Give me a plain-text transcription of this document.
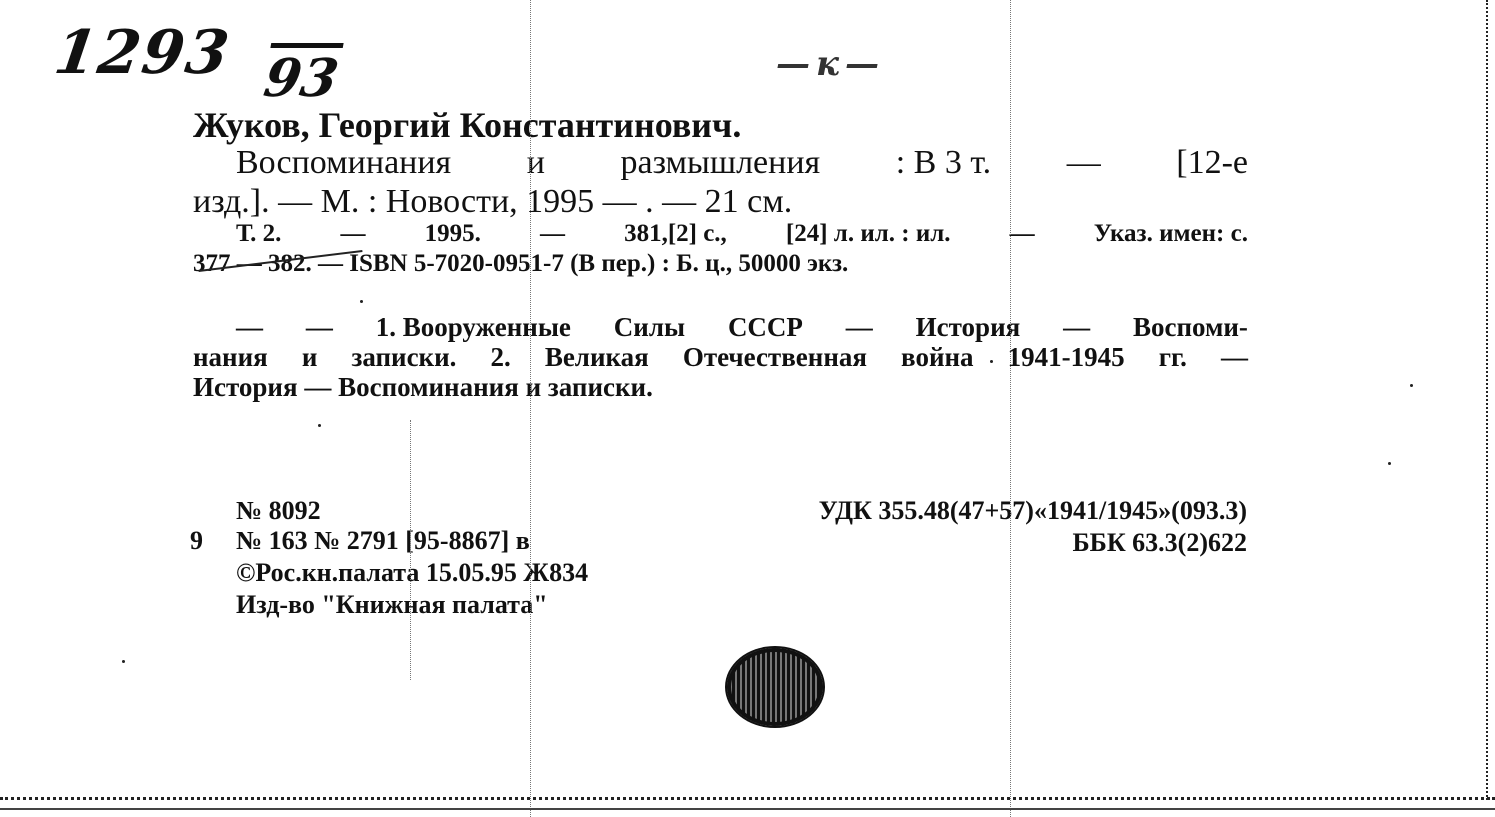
1293 93	—к—
Жуков, Георгий Константинович.
Воспоминания и размышления : В 3 т. — [12-е
изд.]. — М. : Новости, 1995 — . — 21 см.
Т. 2. — 1995. — 381,[2] с., [24] л. ил. : ил. — Указ. имен: с.
377 — 382. — ISBN 5-7020-0951-7 (В пер.) : Б. ц., 50000 экз.
— — 1. Вооруженные Силы СССР — История — Воспоми-
нания и записки. 2. Великая Отечественная война 1941-1945 гг. —
История — Воспоминания и записки.
№ 8092
9 № 163 № 2791 [95-8867] в
©Рос.кн.палата 15.05.95 Ж834
Изд-во "Книжная палата"
УДК 355.48(47+57)«1941/1945»(093.3)
ББК 63.3(2)622
